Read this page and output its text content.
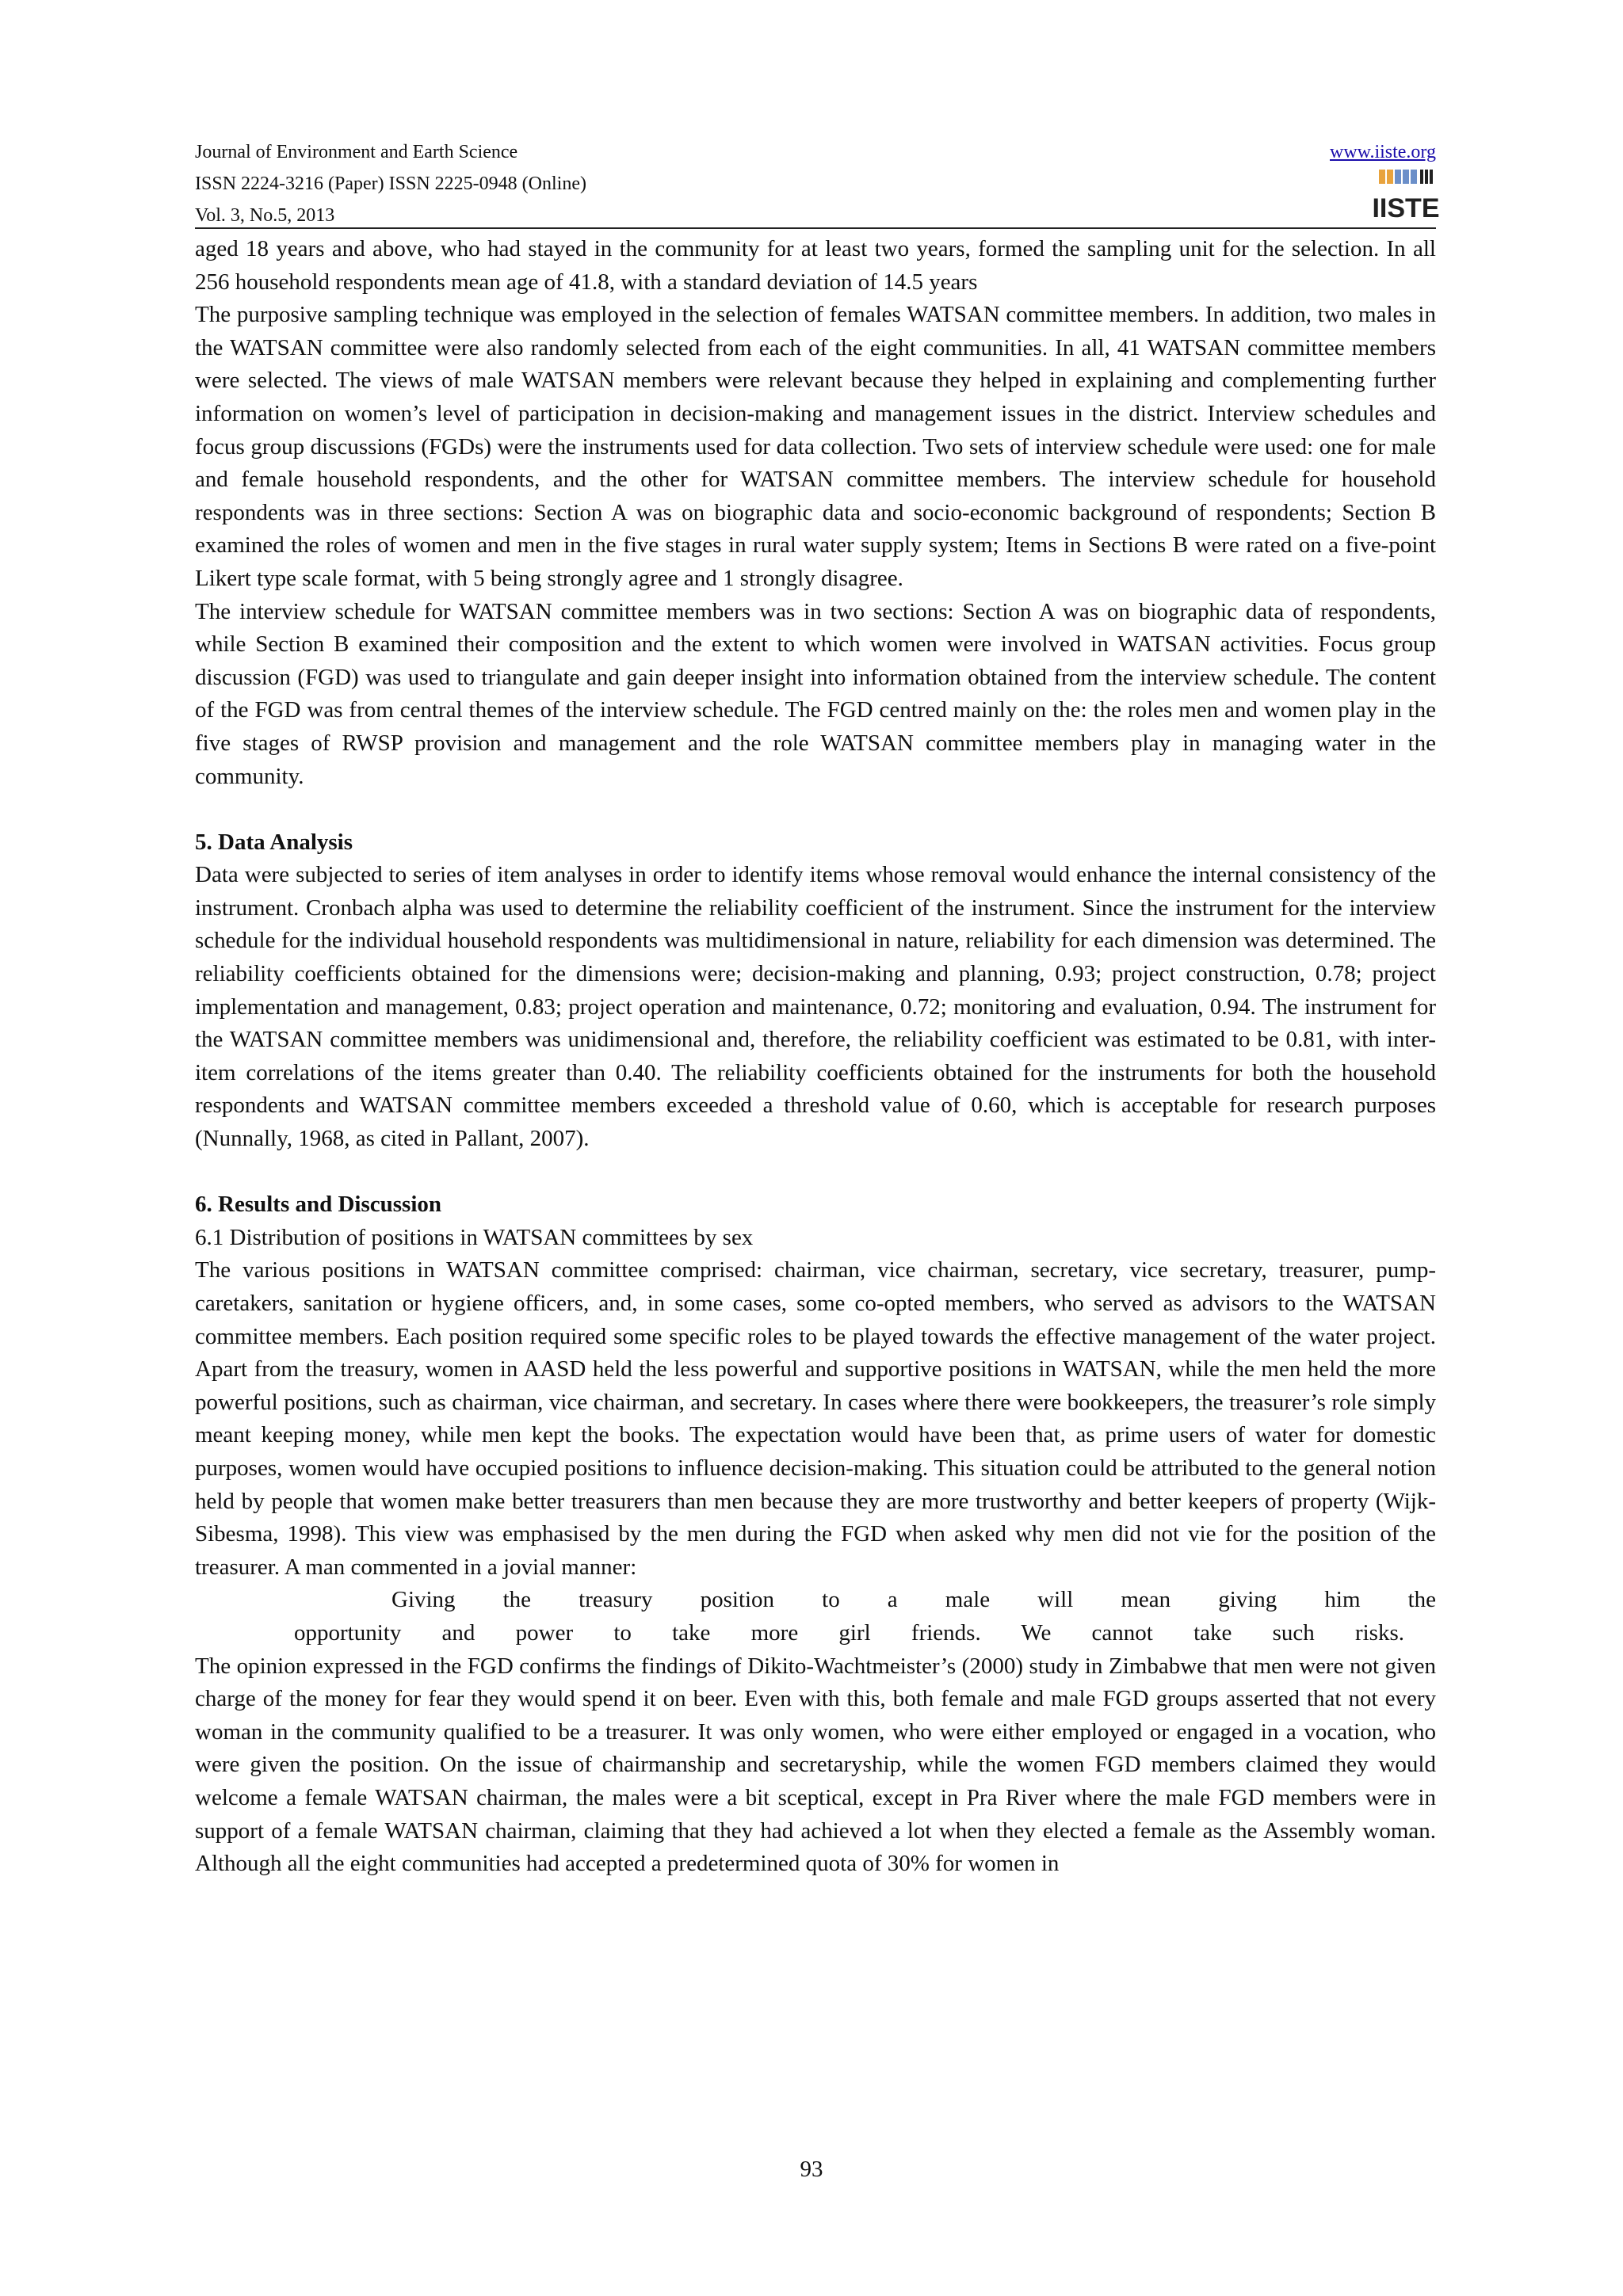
Journal of Environment and Earth Science
ISSN 2224-3216 (Paper) ISSN 2225-0948 (Online)
Vol. 3, No.5, 2013
www.iiste.org
IISTE

aged 18 years and above, who had stayed in the community for at least two years, formed the sampling unit for the selection. In all 256 household respondents mean age of 41.8, with a standard deviation of 14.5 years

The purposive sampling technique was employed in the selection of females WATSAN committee members. In addition, two males in the WATSAN committee were also randomly selected from each of the eight communities. In all, 41 WATSAN committee members were selected. The views of male WATSAN members were relevant because they helped in explaining and complementing further information on women’s level of participation in decision-making and management issues in the district. Interview schedules and focus group discussions (FGDs) were the instruments used for data collection. Two sets of interview schedule were used: one for male and female household respondents, and the other for WATSAN committee members. The interview schedule for household respondents was in three sections: Section A was on biographic data and socio-economic background of respondents; Section B examined the roles of women and men in the five stages in rural water supply system; Items in Sections B were rated on a five-point Likert type scale format, with 5 being strongly agree and 1 strongly disagree.

The interview schedule for WATSAN committee members was in two sections: Section A was on biographic data of respondents, while Section B examined their composition and the extent to which women were involved in WATSAN activities. Focus group discussion (FGD) was used to triangulate and gain deeper insight into information obtained from the interview schedule. The content of the FGD was from central themes of the interview schedule. The FGD centred mainly on the: the roles men and women play in the five stages of RWSP provision and management and the role WATSAN committee members play in managing water in the community.

5. Data Analysis

Data were subjected to series of item analyses in order to identify items whose removal would enhance the internal consistency of the instrument. Cronbach alpha was used to determine the reliability coefficient of the instrument. Since the instrument for the interview schedule for the individual household respondents was multidimensional in nature, reliability for each dimension was determined. The reliability coefficients obtained for the dimensions were; decision-making and planning, 0.93; project construction, 0.78; project implementation and management, 0.83; project operation and maintenance, 0.72; monitoring and evaluation, 0.94. The instrument for the WATSAN committee members was unidimensional and, therefore, the reliability coefficient was estimated to be 0.81, with inter-item correlations of the items greater than 0.40. The reliability coefficients obtained for the instruments for both the household respondents and WATSAN committee members exceeded a threshold value of 0.60, which is acceptable for research purposes (Nunnally, 1968, as cited in Pallant, 2007).

6. Results and Discussion
6.1 Distribution of positions in WATSAN committees by sex

The various positions in WATSAN committee comprised: chairman, vice chairman, secretary, vice secretary, treasurer, pump-caretakers, sanitation or hygiene officers, and, in some cases, some co-opted members, who served as advisors to the WATSAN committee members. Each position required some specific roles to be played towards the effective management of the water project. Apart from the treasury, women in AASD held the less powerful and supportive positions in WATSAN, while the men held the more powerful positions, such as chairman, vice chairman, and secretary. In cases where there were bookkeepers, the treasurer’s role simply meant keeping money, while men kept the books. The expectation would have been that, as prime users of water for domestic purposes, women would have occupied positions to influence decision-making. This situation could be attributed to the general notion held by people that women make better treasurers than men because they are more trustworthy and better keepers of property (Wijk-Sibesma, 1998). This view was emphasised by the men during the FGD when asked why men did not vie for the position of the treasurer. A man commented in a jovial manner:

Giving the treasury position to a male will mean giving him the

opportunity and power to take more girl friends. We cannot take such risks.

The opinion expressed in the FGD confirms the findings of Dikito-Wachtmeister’s (2000) study in Zimbabwe that men were not given charge of the money for fear they would spend it on beer. Even with this, both female and male FGD groups asserted that not every woman in the community qualified to be a treasurer. It was only women, who were either employed or engaged in a vocation, who were given the position. On the issue of chairmanship and secretaryship, while the women FGD members claimed they would welcome a female WATSAN chairman, the males were a bit sceptical, except in Pra River where the male FGD members were in support of a female WATSAN chairman, claiming that they had achieved a lot when they elected a female as the Assembly woman. Although all the eight communities had accepted a predetermined quota of 30% for women in

93
